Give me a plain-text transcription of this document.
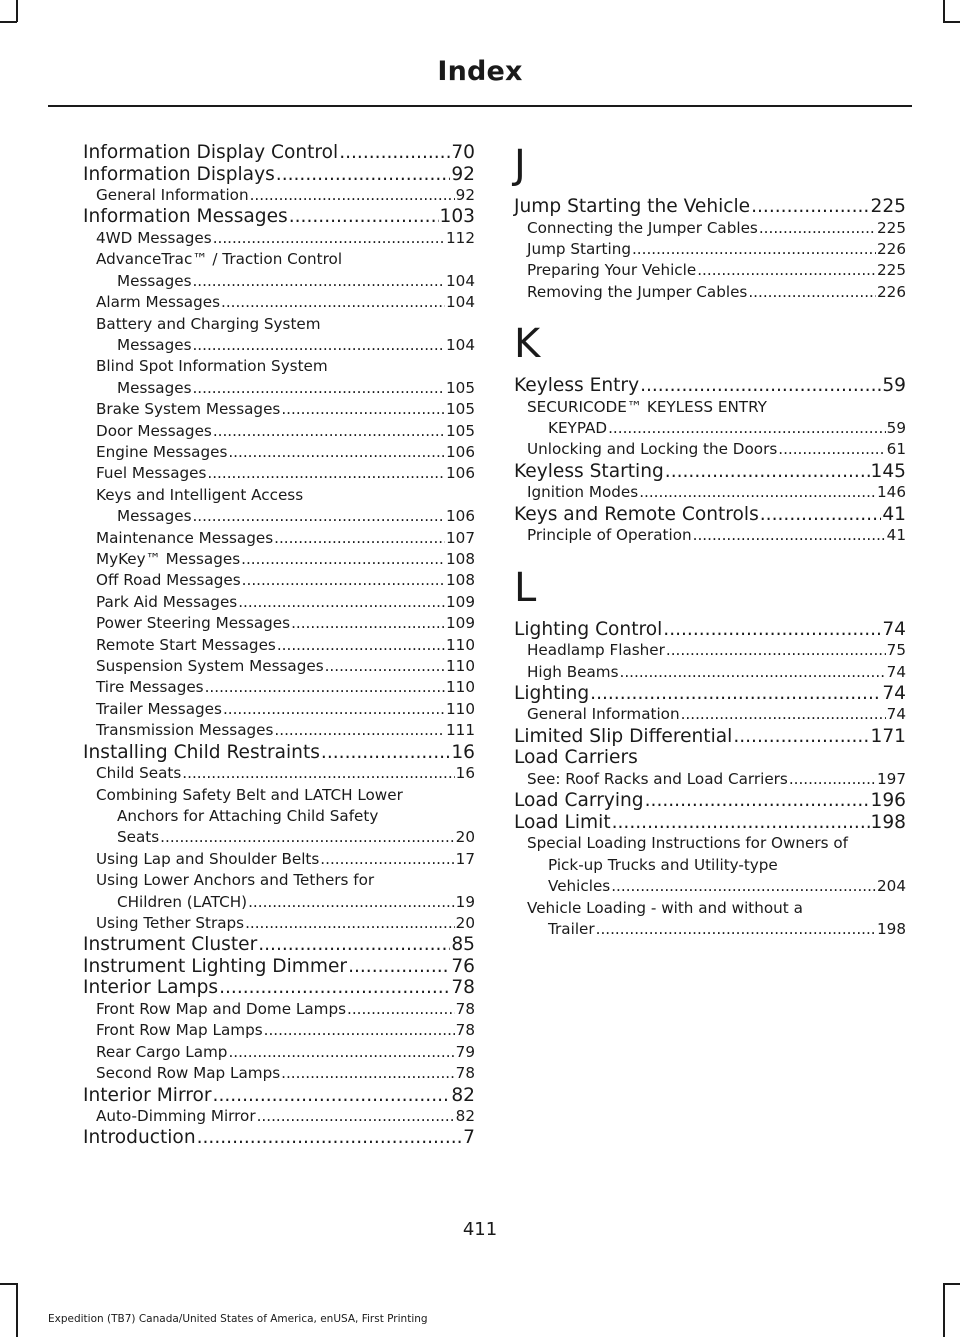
Index
Information Display Control .....	70
Information Displays .....	92
General Information .....	92
Information Messages .....	103
4WD Messages .....	112
AdvanceTrac™ / Traction Control
Messages .....	104
Alarm Messages .....	104
Battery and Charging System
Messages .....	104
Blind Spot Information System
Messages .....	105
Brake System Messages .....	105
Door Messages .....	105
Engine Messages .....	106
Fuel Messages .....	106
Keys and Intelligent Access
Messages .....	106
Maintenance Messages .....	107
MyKey™ Messages .....	108
Off Road Messages .....	108
Park Aid Messages .....	109
Power Steering Messages .....	109
Remote Start Messages .....	110
Suspension System Messages .....	110
Tire Messages .....	110
Trailer Messages .....	110
Transmission Messages .....	111
Installing Child Restraints .....	16
Child Seats .....	16
Combining Safety Belt and LATCH Lower
Anchors for Attaching Child Safety
Seats .....	20
Using Lap and Shoulder Belts .....	17
Using Lower Anchors and Tethers for
CHildren (LATCH) .....	19
Using Tether Straps .....	20
Instrument Cluster .....	85
Instrument Lighting Dimmer .....	76
Interior Lamps .....	78
Front Row Map and Dome Lamps .....	78
Front Row Map Lamps .....	78
Rear Cargo Lamp .....	79
Second Row Map Lamps .....	78
Interior Mirror .....	82
Auto-Dimming Mirror .....	82
Introduction .....	7
J
Jump Starting the Vehicle .....	225
Connecting the Jumper Cables .....	225
Jump Starting .....	226
Preparing Your Vehicle .....	225
Removing the Jumper Cables .....	226
K
Keyless Entry .....	59
SECURICODE™ KEYLESS ENTRY
KEYPAD .....	59
Unlocking and Locking the Doors .....	61
Keyless Starting .....	145
Ignition Modes .....	146
Keys and Remote Controls .....	41
Principle of Operation .....	41
L
Lighting Control .....	74
Headlamp Flasher .....	75
High Beams .....	74
Lighting .....	74
General Information .....	74
Limited Slip Differential .....	171
Load Carriers
See: Roof Racks and Load Carriers .....	197
Load Carrying .....	196
Load Limit .....	198
Special Loading Instructions for Owners of
Pick-up Trucks and Utility-type
Vehicles .....	204
Vehicle Loading - with and without a
Trailer .....	198
411
Expedition (TB7) Canada/United States of America, enUSA, First Printing
